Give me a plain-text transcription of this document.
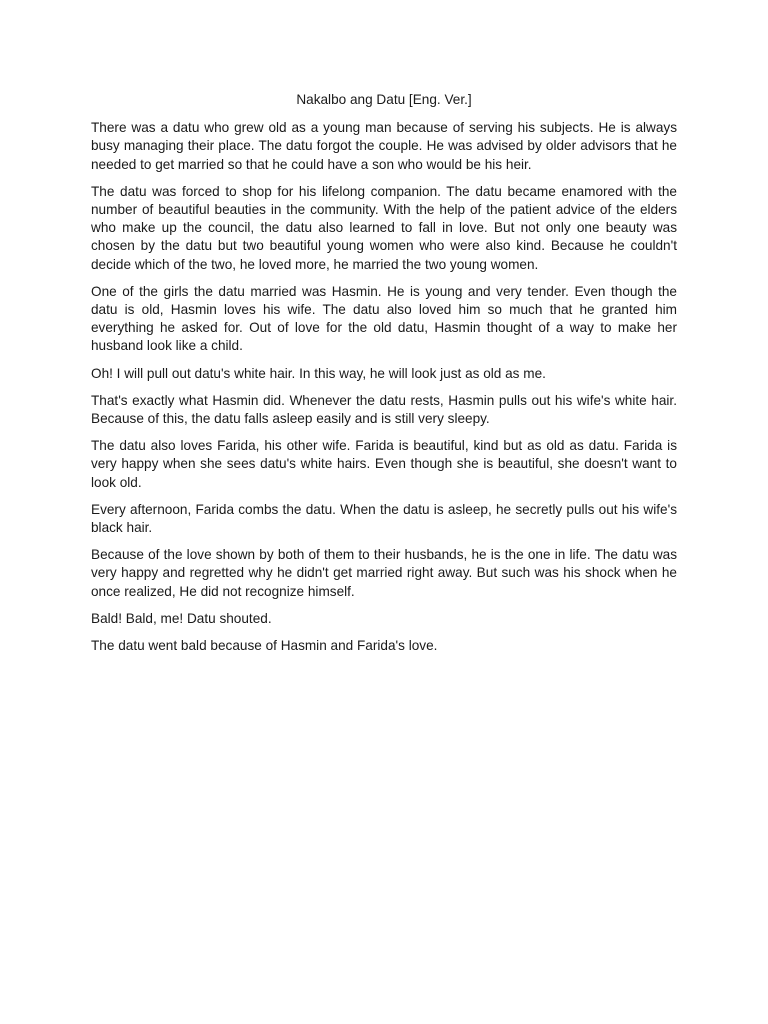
Nakalbo ang Datu [Eng. Ver.]

There was a datu who grew old as a young man because of serving his subjects. He is always busy managing their place. The datu forgot the couple. He was advised by older advisors that he needed to get married so that he could have a son who would be his heir.

The datu was forced to shop for his lifelong companion. The datu became enamored with the number of beautiful beauties in the community. With the help of the patient advice of the elders who make up the council, the datu also learned to fall in love. But not only one beauty was chosen by the datu but two beautiful young women who were also kind. Because he couldn't decide which of the two, he loved more, he married the two young women.

One of the girls the datu married was Hasmin. He is young and very tender. Even though the datu is old, Hasmin loves his wife. The datu also loved him so much that he granted him everything he asked for. Out of love for the old datu, Hasmin thought of a way to make her husband look like a child.

Oh! I will pull out datu's white hair. In this way, he will look just as old as me.

That's exactly what Hasmin did. Whenever the datu rests, Hasmin pulls out his wife's white hair. Because of this, the datu falls asleep easily and is still very sleepy.

The datu also loves Farida, his other wife. Farida is beautiful, kind but as old as datu. Farida is very happy when she sees datu's white hairs. Even though she is beautiful, she doesn't want to look old.

Every afternoon, Farida combs the datu. When the datu is asleep, he secretly pulls out his wife's black hair.

Because of the love shown by both of them to their husbands, he is the one in life. The datu was very happy and regretted why he didn't get married right away. But such was his shock when he once realized, He did not recognize himself.

Bald! Bald, me! Datu shouted.

The datu went bald because of Hasmin and Farida's love.
